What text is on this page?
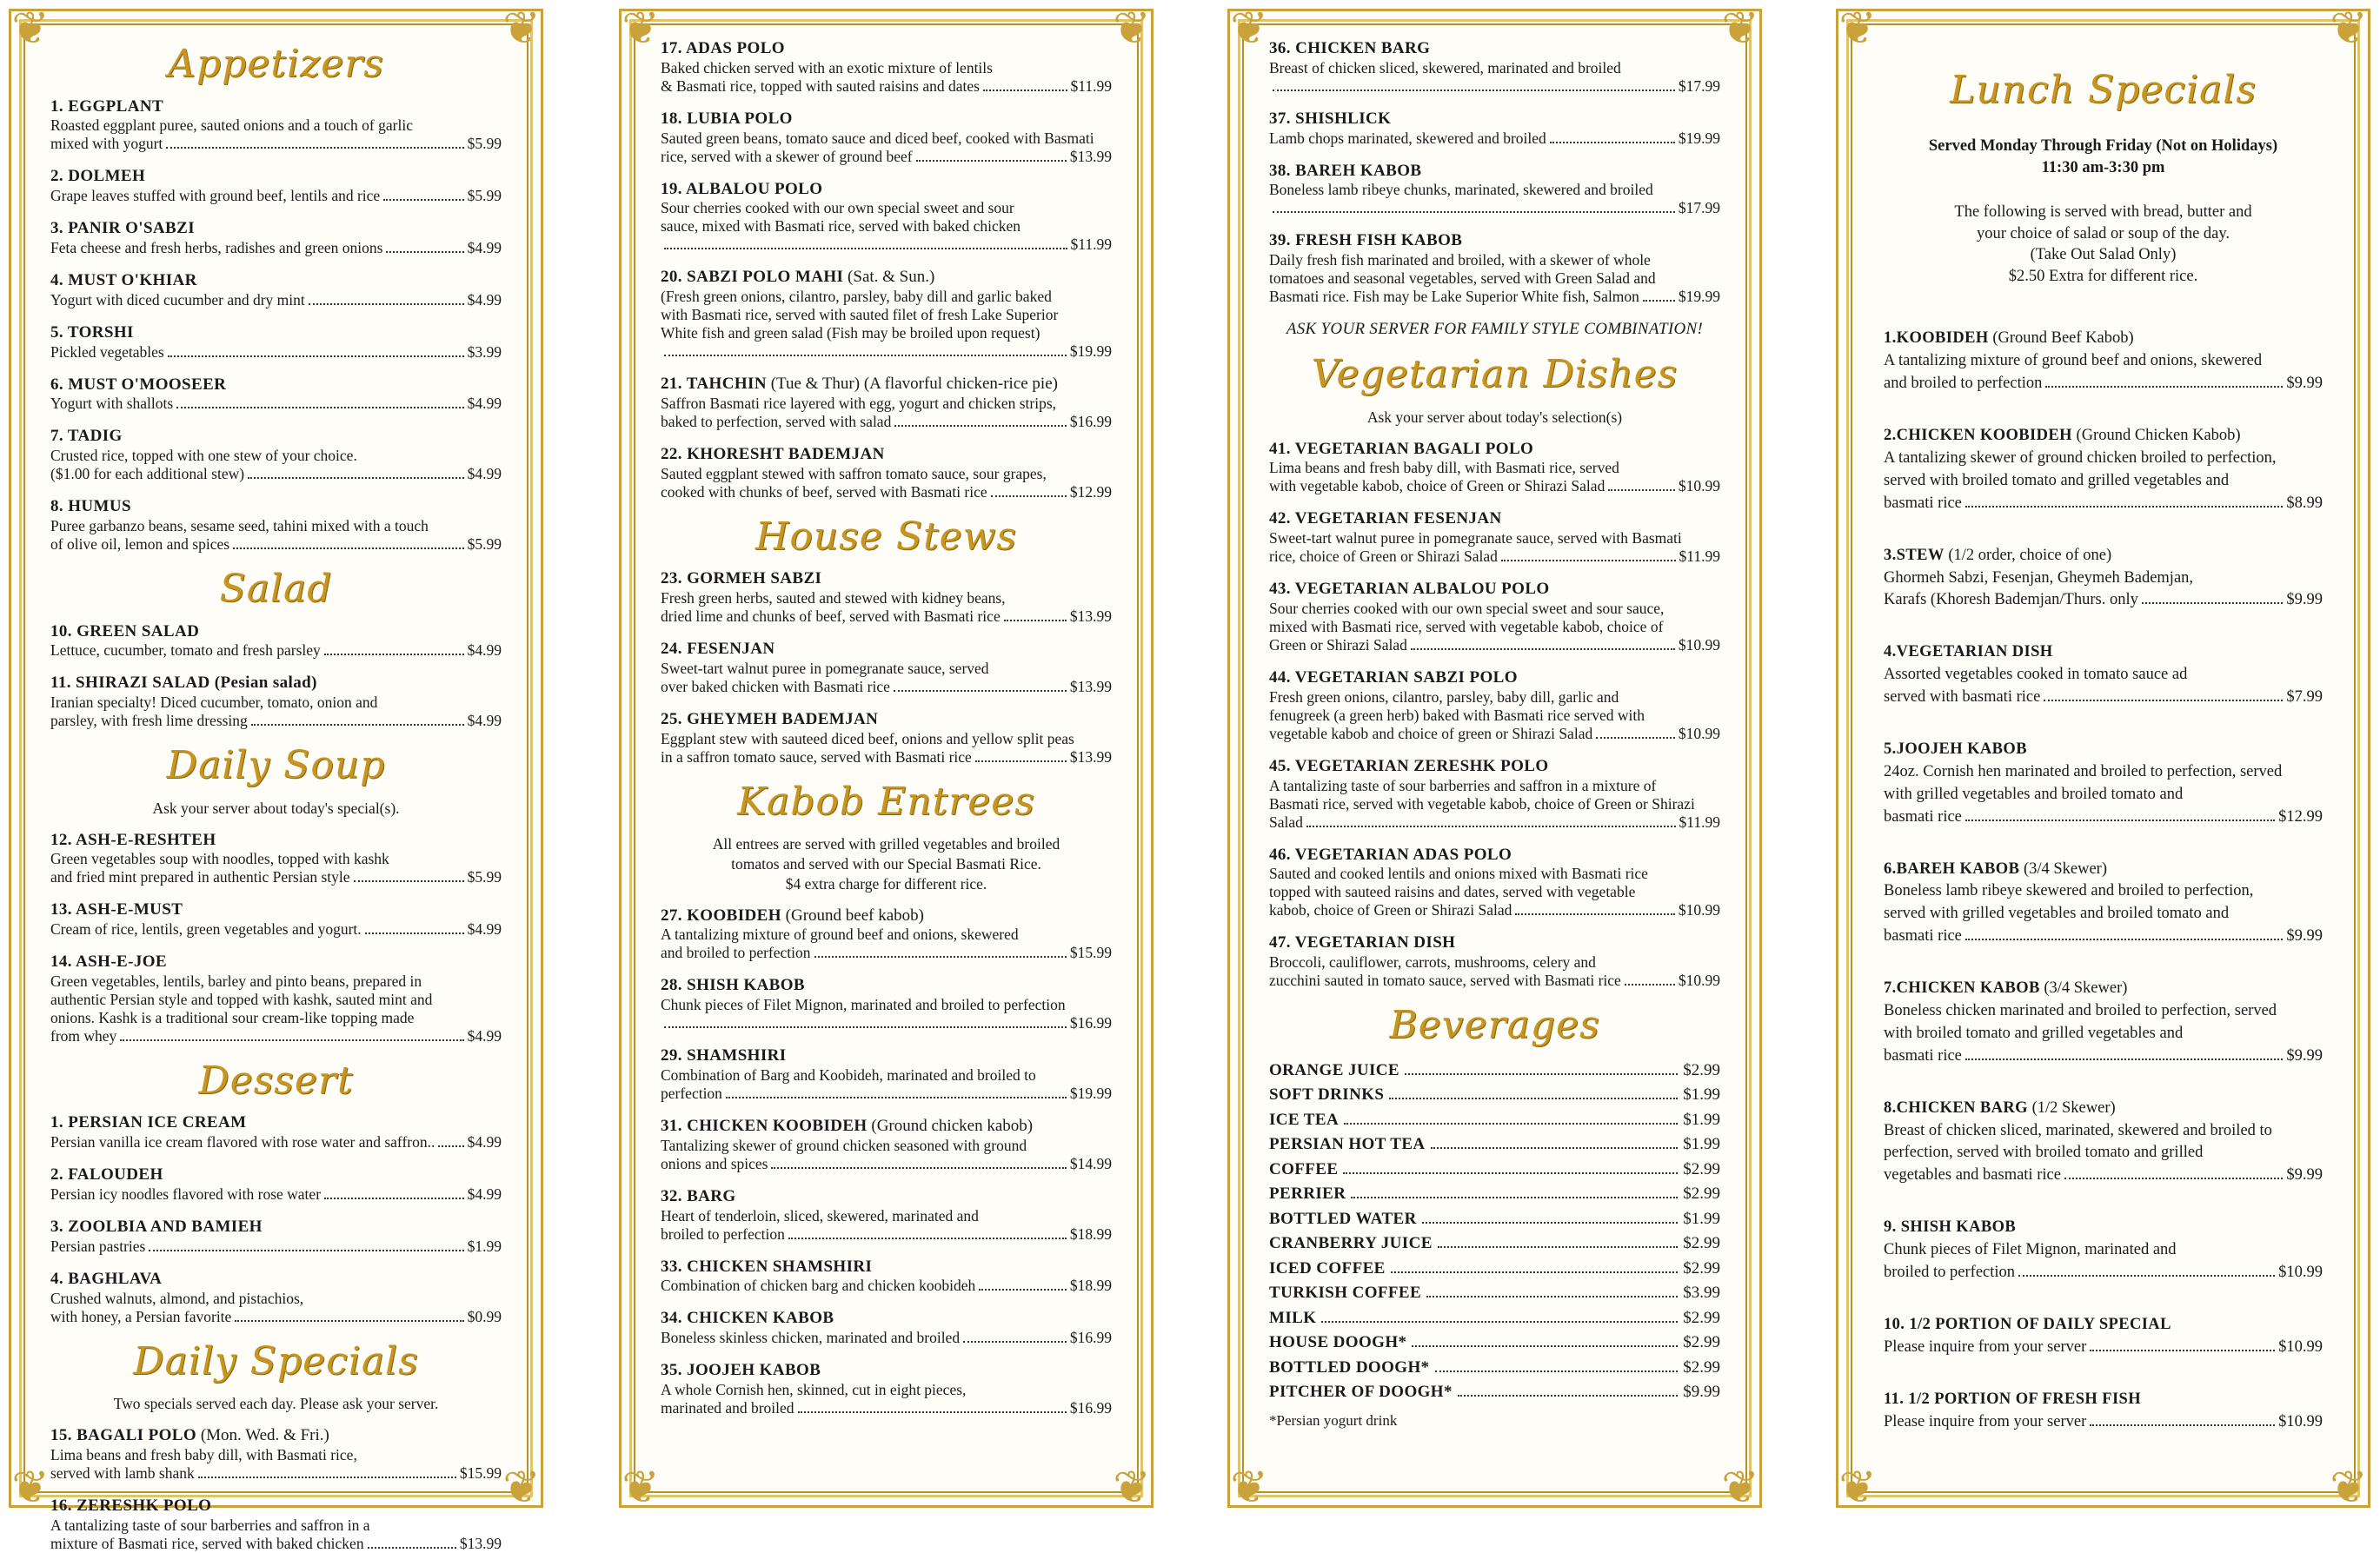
❦	❦
❦	❦
Appetizers
1. EGGPLANT
Roasted eggplant puree, sauted onions and a touch of garlic
mixed with yogurt	$5.99
2. DOLMEH
Grape leaves stuffed with ground beef, lentils and rice	$5.99
3. PANIR O'SABZI
Feta cheese and fresh herbs, radishes and green onions	$4.99
4. MUST O'KHIAR
Yogurt with diced cucumber and dry mint	$4.99
5. TORSHI
Pickled vegetables	$3.99
6. MUST O'MOOSEER
Yogurt with shallots	$4.99
7. TADIG
Crusted rice, topped with one stew of your choice.
($1.00 for each additional stew)	$4.99
8. HUMUS
Puree garbanzo beans, sesame seed, tahini mixed with a touch
of olive oil, lemon and spices	$5.99
Salad
10. GREEN SALAD
Lettuce, cucumber, tomato and fresh parsley	$4.99
11. SHIRAZI SALAD (Pesian salad)
Iranian specialty! Diced cucumber, tomato, onion and
parsley, with fresh lime dressing	$4.99
Daily Soup
Ask your server about today's special(s).
12. ASH-E-RESHTEH
Green vegetables soup with noodles, topped with kashk
and fried mint prepared in authentic Persian style	$5.99
13. ASH-E-MUST
Cream of rice, lentils, green vegetables and yogurt.	$4.99
14. ASH-E-JOE
Green vegetables, lentils, barley and pinto beans, prepared in
authentic Persian style and topped with kashk, sauted mint and
onions. Kashk is a traditional sour cream-like topping made
from whey	$4.99
Dessert
1. PERSIAN ICE CREAM
Persian vanilla ice cream flavored with rose water and saffron.. $4.99
2. FALOUDEH
Persian icy noodles flavored with rose water	$4.99
3. ZOOLBIA AND BAMIEH
Persian pastries	$1.99
4. BAGHLAVA
Crushed walnuts, almond, and pistachios,
with honey, a Persian favorite	$0.99
Daily Specials
Two specials served each day. Please ask your server.
15. BAGALI POLO (Mon. Wed. & Fri.)
Lima beans and fresh baby dill, with Basmati rice,
served with lamb shank	$15.99
16. ZERESHK POLO
A tantalizing taste of sour barberries and saffron in a
mixture of Basmati rice, served with baked chicken	$13.99
❦	❦
❦	❦
17. ADAS POLO
Baked chicken served with an exotic mixture of lentils
& Basmati rice, topped with sauted raisins and dates	$11.99
18. LUBIA POLO
Sauted green beans, tomato sauce and diced beef, cooked with Basmati
rice, served with a skewer of ground beef	$13.99
19. ALBALOU POLO
Sour cherries cooked with our own special sweet and sour
sauce, mixed with Basmati rice, served with baked chicken
$11.99
20. SABZI POLO MAHI (Sat. & Sun.)
(Fresh green onions, cilantro, parsley, baby dill and garlic baked
with Basmati rice, served with sauted filet of fresh Lake Superior
White fish and green salad (Fish may be broiled upon request)
$19.99
21. TAHCHIN (Tue & Thur) (A flavorful chicken-rice pie)
Saffron Basmati rice layered with egg, yogurt and chicken strips,
baked to perfection, served with salad	$16.99
22. KHORESHT BADEMJAN
Sauted eggplant stewed with saffron tomato sauce, sour grapes,
cooked with chunks of beef, served with Basmati rice	$12.99
House Stews
23. GORMEH SABZI
Fresh green herbs, sauted and stewed with kidney beans,
dried lime and chunks of beef, served with Basmati rice	$13.99
24. FESENJAN
Sweet-tart walnut puree in pomegranate sauce, served
over baked chicken with Basmati rice	$13.99
25. GHEYMEH BADEMJAN
Eggplant stew with sauteed diced beef, onions and yellow split peas
in a saffron tomato sauce, served with Basmati rice	$13.99
Kabob Entrees
All entrees are served with grilled vegetables and broiled
tomatos and served with our Special Basmati Rice.
$4 extra charge for different rice.
27. KOOBIDEH (Ground beef kabob)
A tantalizing mixture of ground beef and onions, skewered
and broiled to perfection	$15.99
28. SHISH KABOB
Chunk pieces of Filet Mignon, marinated and broiled to perfection
$16.99
29. SHAMSHIRI
Combination of Barg and Koobideh, marinated and broiled to
perfection	$19.99
31. CHICKEN KOOBIDEH (Ground chicken kabob)
Tantalizing skewer of ground chicken seasoned with ground
onions and spices	$14.99
32. BARG
Heart of tenderloin, sliced, skewered, marinated and
broiled to perfection	$18.99
33. CHICKEN SHAMSHIRI
Combination of chicken barg and chicken koobideh	$18.99
34. CHICKEN KABOB
Boneless skinless chicken, marinated and broiled	$16.99
35. JOOJEH KABOB
A whole Cornish hen, skinned, cut in eight pieces,
marinated and broiled	$16.99
❦	❦
❦	❦
36. CHICKEN BARG
Breast of chicken sliced, skewered, marinated and broiled
$17.99
37. SHISHLICK
Lamb chops marinated, skewered and broiled	$19.99
38. BAREH KABOB
Boneless lamb ribeye chunks, marinated, skewered and broiled
$17.99
39. FRESH FISH KABOB
Daily fresh fish marinated and broiled, with a skewer of whole
tomatoes and seasonal vegetables, served with Green Salad and
Basmati rice. Fish may be Lake Superior White fish, Salmon	$19.99
ASK YOUR SERVER FOR FAMILY STYLE COMBINATION!
Vegetarian Dishes
Ask your server about today's selection(s)
41. VEGETARIAN BAGALI POLO
Lima beans and fresh baby dill, with Basmati rice, served
with vegetable kabob, choice of Green or Shirazi Salad	$10.99
42. VEGETARIAN FESENJAN
Sweet-tart walnut puree in pomegranate sauce, served with Basmati
rice, choice of Green or Shirazi Salad	$11.99
43. VEGETARIAN ALBALOU POLO
Sour cherries cooked with our own special sweet and sour sauce,
mixed with Basmati rice, served with vegetable kabob, choice of
Green or Shirazi Salad	$10.99
44. VEGETARIAN SABZI POLO
Fresh green onions, cilantro, parsley, baby dill, garlic and
fenugreek (a green herb) baked with Basmati rice served with
vegetable kabob and choice of green or Shirazi Salad	$10.99
45. VEGETARIAN ZERESHK POLO
A tantalizing taste of sour barberries and saffron in a mixture of
Basmati rice, served with vegetable kabob, choice of Green or Shirazi
Salad	$11.99
46. VEGETARIAN ADAS POLO
Sauted and cooked lentils and onions mixed with Basmati rice
topped with sauteed raisins and dates, served with vegetable
kabob, choice of Green or Shirazi Salad	$10.99
47. VEGETARIAN DISH
Broccoli, cauliflower, carrots, mushrooms, celery and
zucchini sauted in tomato sauce, served with Basmati rice	$10.99
Beverages
ORANGE JUICE	$2.99
SOFT DRINKS	$1.99
ICE TEA	$1.99
PERSIAN HOT TEA	$1.99
COFFEE	$2.99
PERRIER	$2.99
BOTTLED WATER	$1.99
CRANBERRY JUICE	$2.99
ICED COFFEE	$2.99
TURKISH COFFEE	$3.99
MILK	$2.99
HOUSE DOOGH*	$2.99
BOTTLED DOOGH*	$2.99
PITCHER OF DOOGH*	$9.99
*Persian yogurt drink
❦	❦
❦	❦
Lunch Specials
Served Monday Through Friday (Not on Holidays)
11:30 am-3:30 pm
The following is served with bread, butter and
your choice of salad or soup of the day.
(Take Out Salad Only)
$2.50 Extra for different rice.
1.KOOBIDEH (Ground Beef Kabob)
A tantalizing mixture of ground beef and onions, skewered
and broiled to perfection	$9.99
2.CHICKEN KOOBIDEH (Ground Chicken Kabob)
A tantalizing skewer of ground chicken broiled to perfection,
served with broiled tomato and grilled vegetables and
basmati rice	$8.99
3.STEW (1/2 order, choice of one)
Ghormeh Sabzi, Fesenjan, Gheymeh Bademjan,
Karafs (Khoresh Bademjan/Thurs. only	$9.99
4.VEGETARIAN DISH
Assorted vegetables cooked in tomato sauce ad
served with basmati rice	$7.99
5.JOOJEH KABOB
24oz. Cornish hen marinated and broiled to perfection, served
with grilled vegetables and broiled tomato and
basmati rice	$12.99
6.BAREH KABOB (3/4 Skewer)
Boneless lamb ribeye skewered and broiled to perfection,
served with grilled vegetables and broiled tomato and
basmati rice	$9.99
7.CHICKEN KABOB (3/4 Skewer)
Boneless chicken marinated and broiled to perfection, served
with broiled tomato and grilled vegetables and
basmati rice	$9.99
8.CHICKEN BARG (1/2 Skewer)
Breast of chicken sliced, marinated, skewered and broiled to
perfection, served with broiled tomato and grilled
vegetables and basmati rice	$9.99
9. SHISH KABOB
Chunk pieces of Filet Mignon, marinated and
broiled to perfection	$10.99
10. 1/2 PORTION OF DAILY SPECIAL
Please inquire from your server	$10.99
11. 1/2 PORTION OF FRESH FISH
Please inquire from your server	$10.99
